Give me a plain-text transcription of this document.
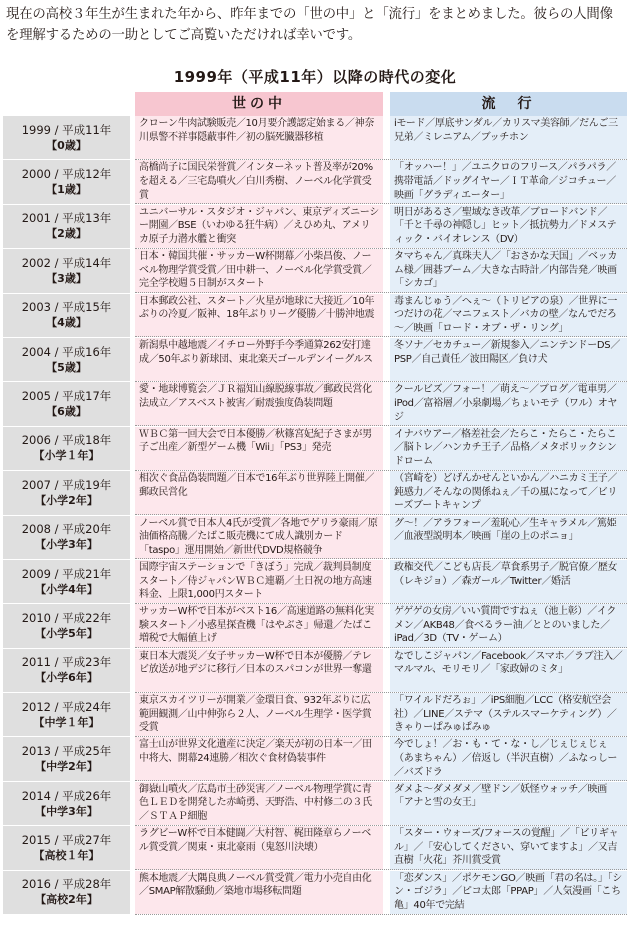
現在の高校３年生が生まれた年から、昨年までの「世の中」と「流行」をまとめました。彼らの人間像を理解するための一助としてご高覧いただければ幸いです。
1999年（平成11年）以降の時代の変化
世の中	流　行
1999 / 平成11年
【0歳】
クローン牛肉試験販売／10月要介護認定始まる／神奈川県警不祥事隠蔽事件／初の脳死臓器移植
iモード／厚底サンダル／カリスマ美容師／だんご三兄弟／ミレニアム／ブッチホン
2000 / 平成12年
【1歳】
高橋尚子に国民栄誉賞／インターネット普及率が20%を超える／三宅島噴火／白川秀樹、ノーベル化学賞受賞
「オッハー！」／ユニクロのフリース／パラパラ／携帯電話／ドッグイヤー／ＩＴ革命／ジコチュー／映画「グラディエーター」
2001 / 平成13年
【2歳】
ユニバーサル・スタジオ・ジャパン、東京ディズニーシー開園／BSE（いわゆる狂牛病）／えひめ丸、アメリカ原子力潜水艦と衝突
明日があるさ／聖域なき改革／ブロードバンド／「千と千尋の神隠し」ヒット／抵抗勢力／ドメスティック・バイオレンス（DV）
2002 / 平成14年
【3歳】
日本・韓国共催・サッカーW杯開幕／小柴昌俊、ノーベル物理学賞受賞／田中耕一、ノーベル化学賞受賞／完全学校週５日制がスタート
タマちゃん／真珠夫人／「おさかな天国」／ベッカム様／囲碁ブーム／大きな古時計／内部告発／映画「シカゴ」
2003 / 平成15年
【4歳】
日本郵政公社、スタート／火星が地球に大接近／10年ぶりの冷夏／阪神、18年ぶりリーグ優勝／十勝沖地震
毒まんじゅう／へぇ～（トリビアの泉）／世界に一つだけの花／マニフェスト／バカの壁／なんでだろ～／映画「ロード・オブ・ザ・リング」
2004 / 平成16年
【5歳】
新潟県中越地震／イチロー外野手今季通算262安打達成／50年ぶり新球団、東北楽天ゴールデンイーグルス
冬ソナ／セカチュー／新規参入／ニンテンドーDS／PSP／自己責任／波田陽区／負け犬
2005 / 平成17年
【6歳】
愛・地球博覧会／ＪＲ福知山線脱線事故／郵政民営化法成立／アスベスト被害／耐震強度偽装問題
クールビズ／フォー！／萌え～／ブログ／電車男／iPod／富裕層／小泉劇場／ちょいモテ（ワル）オヤジ
2006 / 平成18年
【小学１年】
ＷＢＣ第一回大会で日本優勝／秋篠宮妃紀子さまが男子ご出産／新型ゲーム機「Wii」「PS3」発売
イナバウアー／格差社会／たらこ・たらこ・たらこ／脳トレ／ハンカチ王子／品格／メタボリックシンドローム
2007 / 平成19年
【小学2年】
相次ぐ食品偽装問題／日本で16年ぶり世界陸上開催／郵政民営化
（宮崎を）どげんかせんといかん／ハニカミ王子／鈍感力／そんなの関係ねぇ／千の風になって／ビリーズブートキャンプ
2008 / 平成20年
【小学3年】
ノーベル賞で日本人4氏が受賞／各地でゲリラ豪雨／原油価格高騰／たばこ販売機にて成人識別カード「taspo」運用開始／新世代DVD規格競争
グ～！／アラフォー／羞恥心／生キャラメル／篤姫／血液型説明本／映画「崖の上のポニョ」
2009 / 平成21年
【小学4年】
国際宇宙ステーションで「きぼう」完成／裁判員制度スタート／侍ジャパンＷＢＣ連覇／土日祝の地方高速料金、上限1,000円スタート
政権交代／こども店長／草食系男子／脱官僚／歴女（レキジョ）／森ガール／Twitter／婚活
2010 / 平成22年
【小学5年】
サッカーW杯で日本がベスト16／高速道路の無料化実験スタート／小惑星探査機「はやぶさ」帰還／たばこ増税で大幅値上げ
ゲゲゲの女房／いい質問ですねぇ（池上彰）／イクメン／AKB48／食べるラー油／ととのいました／iPad／3D（TV・ゲーム）
2011 / 平成23年
【小学6年】
東日本大震災／女子サッカーW杯で日本が優勝／テレビ放送が地デジに移行／日本のスパコンが世界一奪還
なでしこジャパン／Facebook／スマホ／ラブ注入／マルマル、モリモリ／「家政婦のミタ」
2012 / 平成24年
【中学１年】
東京スカイツリーが開業／金環日食、932年ぶりに広範囲観測／山中伸弥ら２人、ノーベル生理学・医学賞受賞
「ワイルドだろぉ」／iPS細胞／LCC（格安航空会社）／LINE／ステマ（ステルスマーケティング）／きゃりーぱみゅぱみゅ
2013 / 平成25年
【中学2年】
富士山が世界文化遺産に決定／楽天が初の日本一／田中将大、開幕24連勝／相次ぐ食材偽装事件
今でしょ！／お・も・て・な・し／じぇじぇじぇ（あまちゃん）／倍返し（半沢直樹）／ふなっしー／バズドラ
2014 / 平成26年
【中学3年】
御嶽山噴火／広島市土砂災害／ノーベル物理学賞に青色ＬＥＤを開発した赤崎勇、天野浩、中村修二の３氏／ＳＴＡＰ細胞
ダメよ～ダメダメ／壁ドン／妖怪ウォッチ／映画「アナと雪の女王」
2015 / 平成27年
【高校１年】
ラグビーW杯で日本健闘／大村智、梶田隆章らノーベル賞受賞／関東・東北豪雨（鬼怒川決壊）
「スター・ウォーズ/フォースの覚醒」／「ビリギャル」／「安心してください、穿いてますよ」／又吉直樹「火花」芥川賞受賞
2016 / 平成28年
【高校2年】
熊本地震／大隅良典ノーベル賞受賞／電力小売自由化／SMAP解散騒動／築地市場移転問題
「恋ダンス」／ポケモンGO／映画「君の名は。」「シン・ゴジラ」／ピコ太郎「PPAP」／人気漫画「こち亀」40年で完結
